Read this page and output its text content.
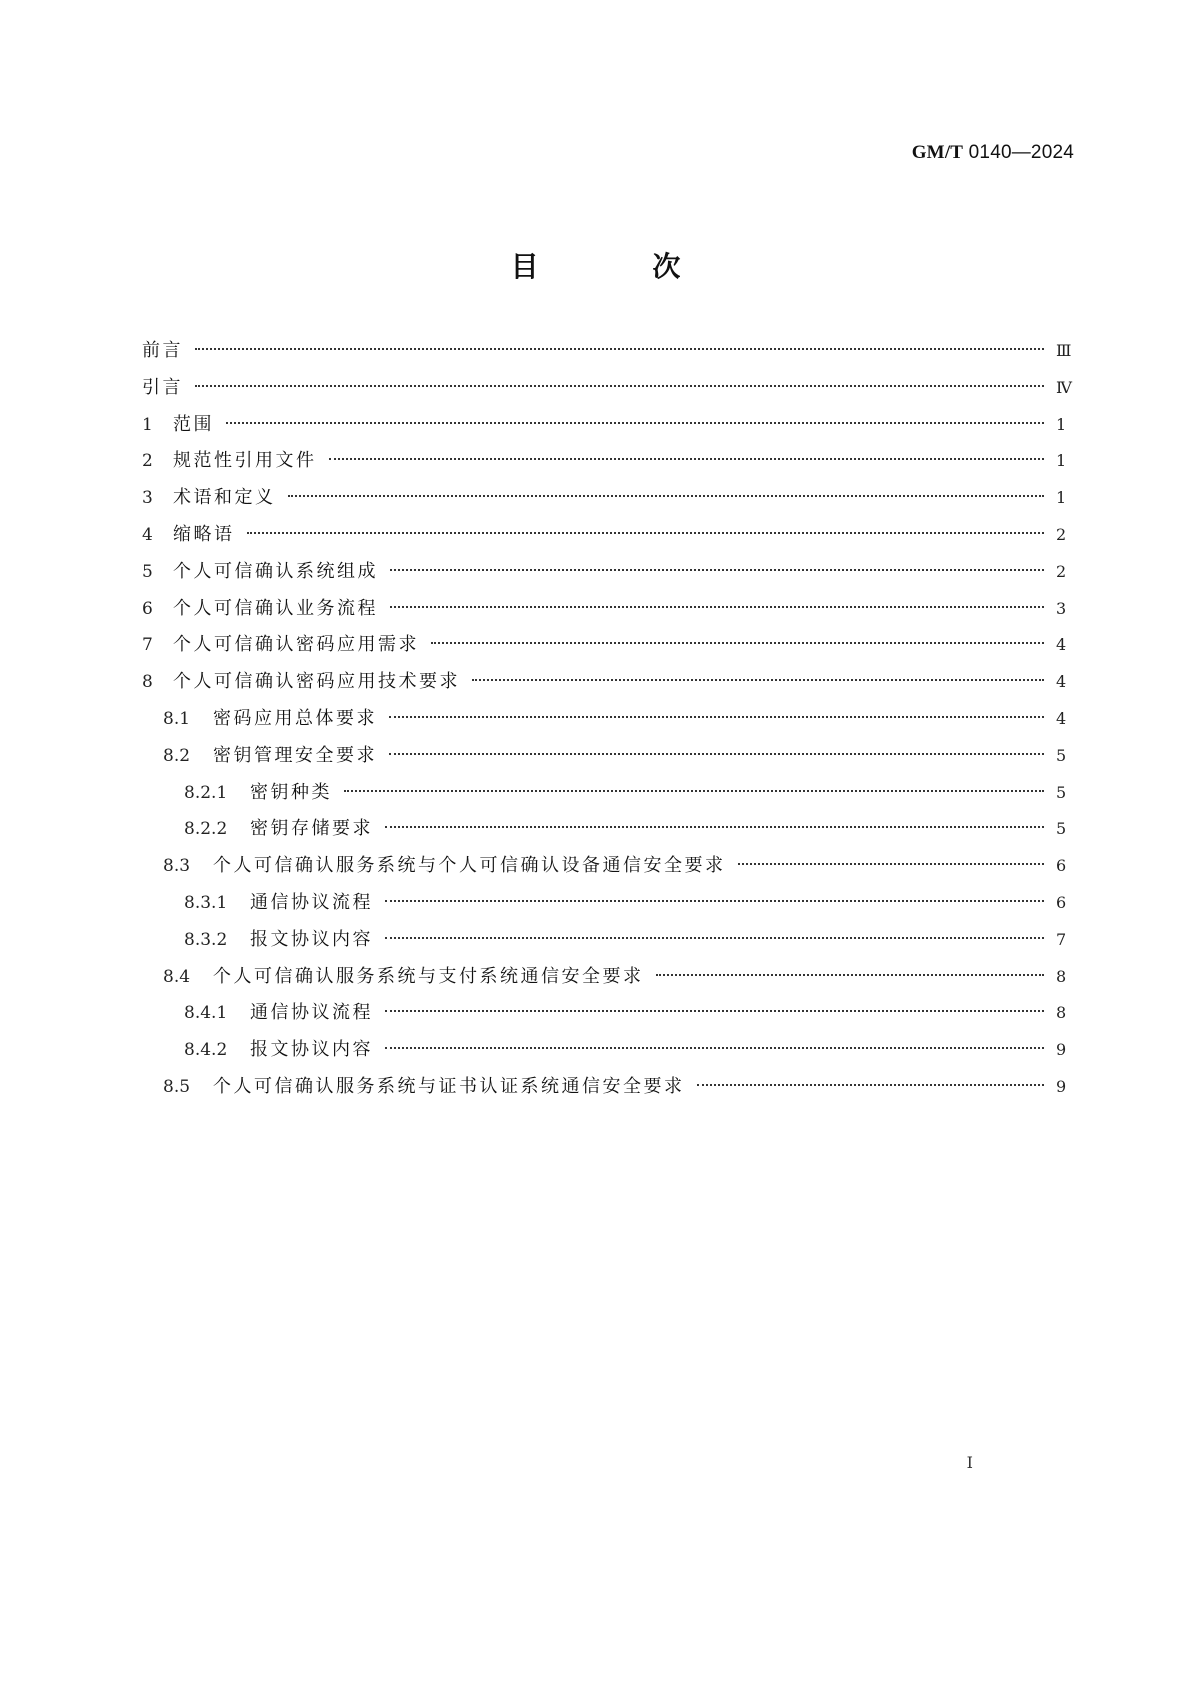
GM/T 0140—2024
目 次
前言	Ⅲ
引言	Ⅳ
1	范围	1
2	规范性引用文件	1
3	术语和定义	1
4	缩略语	2
5	个人可信确认系统组成	2
6	个人可信确认业务流程	3
7	个人可信确认密码应用需求	4
8	个人可信确认密码应用技术要求	4
8.1	密码应用总体要求	4
8.2	密钥管理安全要求	5
8.2.1	密钥种类	5
8.2.2	密钥存储要求	5
8.3	个人可信确认服务系统与个人可信确认设备通信安全要求	6
8.3.1	通信协议流程	6
8.3.2	报文协议内容	7
8.4	个人可信确认服务系统与支付系统通信安全要求	8
8.4.1	通信协议流程	8
8.4.2	报文协议内容	9
8.5	个人可信确认服务系统与证书认证系统通信安全要求	9
Ⅰ
